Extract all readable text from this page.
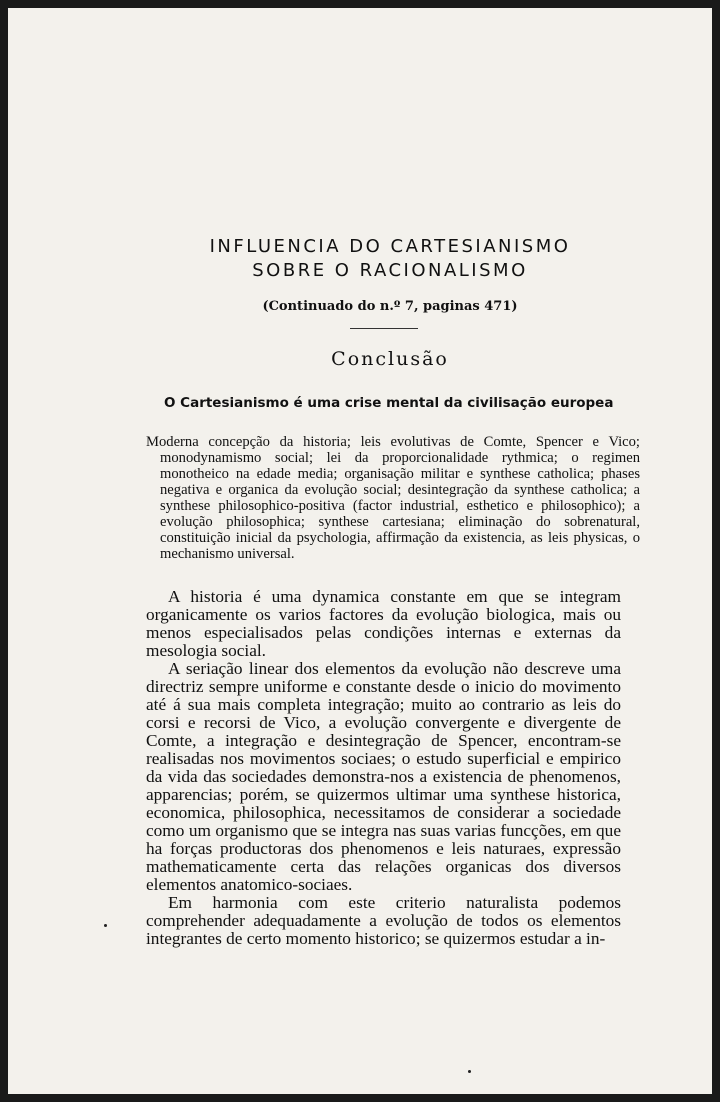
INFLUENCIA DO CARTESIANISMO
SOBRE O RACIONALISMO
(Continuado do n.º 7, paginas 471)
Conclusão
O Cartesianismo é uma crise mental da civilisação europea
Moderna concepção da historia; leis evolutivas de Comte, Spencer e Vico; monodynamismo social; lei da proporcionalidade rythmica; o regimen monotheico na edade media; organisação militar e synthese catholica; phases negativa e organica da evolução social; desintegração da synthese catholica; a synthese philosophico-positiva (factor industrial, esthetico e philosophico); a evolução philosophica; synthese cartesiana; eliminação do sobrenatural, constituição inicial da psychologia, affirmação da existencia, as leis physicas, o mechanismo universal.

A historia é uma dynamica constante em que se integram organicamente os varios factores da evolução biologica, mais ou menos especialisados pelas condições internas e externas da mesologia social.

A seriação linear dos elementos da evolução não descreve uma directriz sempre uniforme e constante desde o inicio do movimento até á sua mais completa integração; muito ao contrario as leis do corsi e recorsi de Vico, a evolução convergente e divergente de Comte, a integração e desintegração de Spencer, encontram-se realisadas nos movimentos sociaes; o estudo superficial e empirico da vida das sociedades demonstra-nos a existencia de phenomenos, apparencias; porém, se quizermos ultimar uma synthese historica, economica, philosophica, necessitamos de considerar a sociedade como um organismo que se integra nas suas varias funcções, em que ha forças productoras dos phenomenos e leis naturaes, expressão mathematicamente certa das relações organicas dos diversos elementos anatomico-sociaes.

Em harmonia com este criterio naturalista podemos comprehender adequadamente a evolução de todos os elementos integrantes de certo momento historico; se quizermos estudar a in-
